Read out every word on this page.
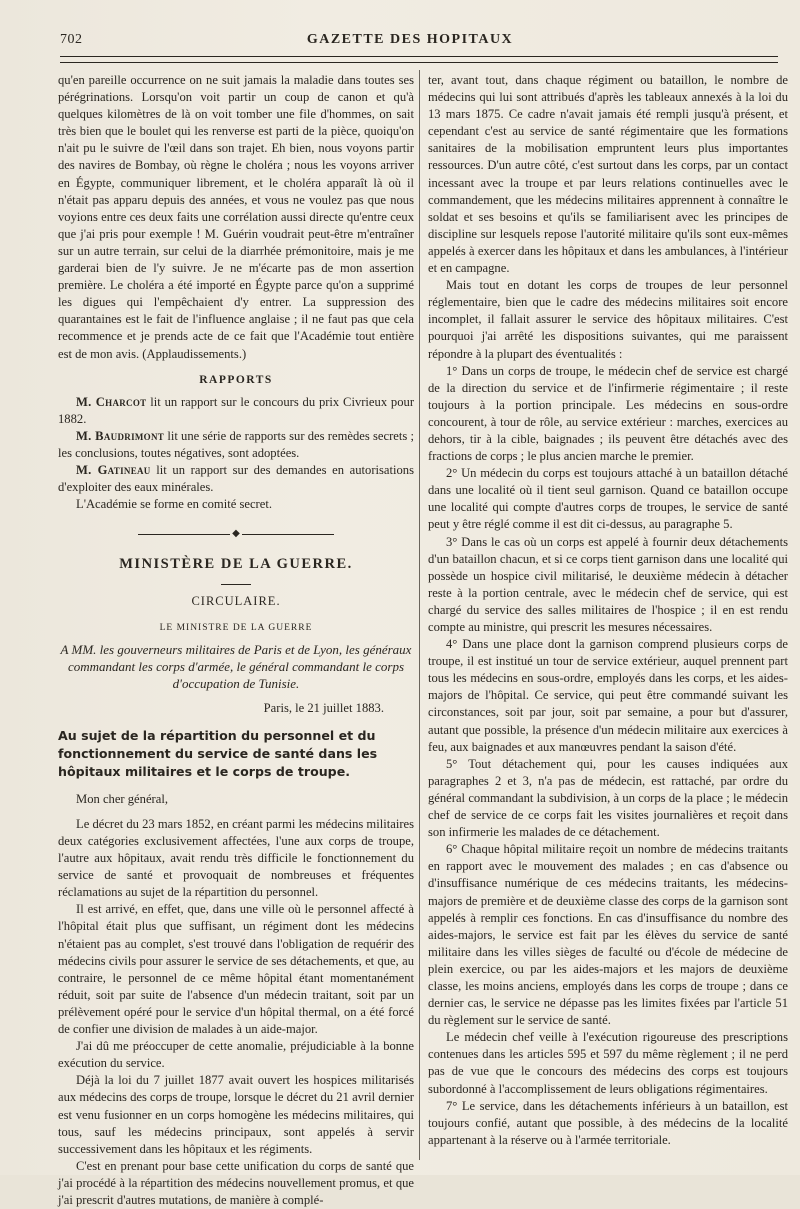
702	GAZETTE DES HOPITAUX

qu'en pareille occurrence on ne suit jamais la maladie dans toutes ses pérégrinations. Lorsqu'on voit partir un coup de canon et qu'à quelques kilomètres de là on voit tomber une file d'hommes, on sait très bien que le boulet qui les renverse est parti de la pièce, quoiqu'on n'ait pu le suivre de l'œil dans son trajet. Eh bien, nous voyons partir des navires de Bombay, où règne le choléra ; nous les voyons arriver en Égypte, communiquer librement, et le choléra apparaît là où il n'était pas apparu depuis des années, et vous ne voulez pas que nous voyions entre ces deux faits une corrélation aussi directe qu'entre ceux que j'ai pris pour exemple ! M. Guérin voudrait peut-être m'entraîner sur un autre terrain, sur celui de la diarrhée prémonitoire, mais je me garderai bien de l'y suivre. Je ne m'écarte pas de mon assertion première. Le choléra a été importé en Égypte parce qu'on a supprimé les digues qui l'empêchaient d'y entrer. La suppression des quarantaines est le fait de l'influence anglaise ; il ne faut pas que cela recommence et je prends acte de ce fait que l'Académie tout entière est de mon avis. (Applaudissements.)

RAPPORTS

M. Charcot lit un rapport sur le concours du prix Civrieux pour 1882.

M. Baudrimont lit une série de rapports sur des remèdes secrets ; les conclusions, toutes négatives, sont adoptées.

M. Gatineau lit un rapport sur des demandes en autorisations d'exploiter des eaux minérales.

L'Académie se forme en comité secret.

◆
MINISTÈRE DE LA GUERRE.
CIRCULAIRE.
LE MINISTRE DE LA GUERRE
A MM. les gouverneurs militaires de Paris et de Lyon, les généraux commandant les corps d'armée, le général commandant le corps d'occupation de Tunisie.
Paris, le 21 juillet 1883.
Au sujet de la répartition du personnel et du fonctionnement du service de santé dans les hôpitaux militaires et le corps de troupe.

Mon cher général,

Le décret du 23 mars 1852, en créant parmi les médecins militaires deux catégories exclusivement affectées, l'une aux corps de troupe, l'autre aux hôpitaux, avait rendu très difficile le fonctionnement du service de santé et provoquait de nombreuses et fréquentes réclamations au sujet de la répartition du personnel.

Il est arrivé, en effet, que, dans une ville où le personnel affecté à l'hôpital était plus que suffisant, un régiment dont les médecins n'étaient pas au complet, s'est trouvé dans l'obligation de requérir des médecins civils pour assurer le service de ses détachements, et que, au contraire, le personnel de ce même hôpital étant momentanément réduit, soit par suite de l'absence d'un médecin traitant, soit par un prélèvement opéré pour le service d'un hôpital thermal, on a été forcé de confier une division de malades à un aide-major.

J'ai dû me préoccuper de cette anomalie, préjudiciable à la bonne exécution du service.

Déjà la loi du 7 juillet 1877 avait ouvert les hospices militarisés aux médecins des corps de troupe, lorsque le décret du 21 avril dernier est venu fusionner en un corps homogène les médecins militaires, qui tous, sauf les médecins principaux, sont appelés à servir successivement dans les hôpitaux et les régiments.

C'est en prenant pour base cette unification du corps de santé que j'ai procédé à la répartition des médecins nouvellement promus, et que j'ai prescrit d'autres mutations, de manière à complé-

ter, avant tout, dans chaque régiment ou bataillon, le nombre de médecins qui lui sont attribués d'après les tableaux annexés à la loi du 13 mars 1875. Ce cadre n'avait jamais été rempli jusqu'à présent, et cependant c'est au service de santé régimentaire que les formations sanitaires de la mobilisation empruntent leurs plus importantes ressources. D'un autre côté, c'est surtout dans les corps, par un contact incessant avec la troupe et par leurs relations continuelles avec le commandement, que les médecins militaires apprennent à connaître le soldat et ses besoins et qu'ils se familiarisent avec les principes de discipline sur lesquels repose l'autorité militaire qu'ils sont eux-mêmes appelés à exercer dans les hôpitaux et dans les ambulances, à l'intérieur et en campagne.

Mais tout en dotant les corps de troupes de leur personnel réglementaire, bien que le cadre des médecins militaires soit encore incomplet, il fallait assurer le service des hôpitaux militaires. C'est pourquoi j'ai arrêté les dispositions suivantes, qui me paraissent répondre à la plupart des éventualités :

1° Dans un corps de troupe, le médecin chef de service est chargé de la direction du service et de l'infirmerie régimentaire ; il reste toujours à la portion principale. Les médecins en sous-ordre concourent, à tour de rôle, au service extérieur : marches, exercices au dehors, tir à la cible, baignades ; ils peuvent être détachés avec des fractions de corps ; le plus ancien marche le premier.

2° Un médecin du corps est toujours attaché à un bataillon détaché dans une localité où il tient seul garnison. Quand ce bataillon occupe une localité qui compte d'autres corps de troupes, le service de santé peut y être réglé comme il est dit ci-dessus, au paragraphe 5.

3° Dans le cas où un corps est appelé à fournir deux détachements d'un bataillon chacun, et si ce corps tient garnison dans une localité qui possède un hospice civil militarisé, le deuxième médecin à détacher reste à la portion centrale, avec le médecin chef de service, qui est chargé du service des salles militaires de l'hospice ; il en est rendu compte au ministre, qui prescrit les mesures nécessaires.

4° Dans une place dont la garnison comprend plusieurs corps de troupe, il est institué un tour de service extérieur, auquel prennent part tous les médecins en sous-ordre, employés dans les corps, et les aides-majors de l'hôpital. Ce service, qui peut être commandé suivant les circonstances, soit par jour, soit par semaine, a pour but d'assurer, autant que possible, la présence d'un médecin militaire aux exercices à feu, aux baignades et aux manœuvres pendant la saison d'été.

5° Tout détachement qui, pour les causes indiquées aux paragraphes 2 et 3, n'a pas de médecin, est rattaché, par ordre du général commandant la subdivision, à un corps de la place ; le médecin chef de service de ce corps fait les visites journalières et reçoit dans son infirmerie les malades de ce détachement.

6° Chaque hôpital militaire reçoit un nombre de médecins traitants en rapport avec le mouvement des malades ; en cas d'absence ou d'insuffisance numérique de ces médecins traitants, les médecins-majors de première et de deuxième classe des corps de la garnison sont appelés à remplir ces fonctions. En cas d'insuffisance du nombre des aides-majors, le service est fait par les élèves du service de santé militaire dans les villes sièges de faculté ou d'école de médecine de plein exercice, ou par les aides-majors et les majors de deuxième classe, les moins anciens, employés dans les corps de troupe ; dans ce dernier cas, le service ne dépasse pas les limites fixées par l'article 51 du règlement sur le service de santé.

Le médecin chef veille à l'exécution rigoureuse des prescriptions contenues dans les articles 595 et 597 du même règlement ; il ne perd pas de vue que le concours des médecins des corps est toujours subordonné à l'accomplissement de leurs obligations régimentaires.

7° Le service, dans les détachements inférieurs à un bataillon, est toujours confié, autant que possible, à des médecins de la localité appartenant à la réserve ou à l'armée territoriale.
